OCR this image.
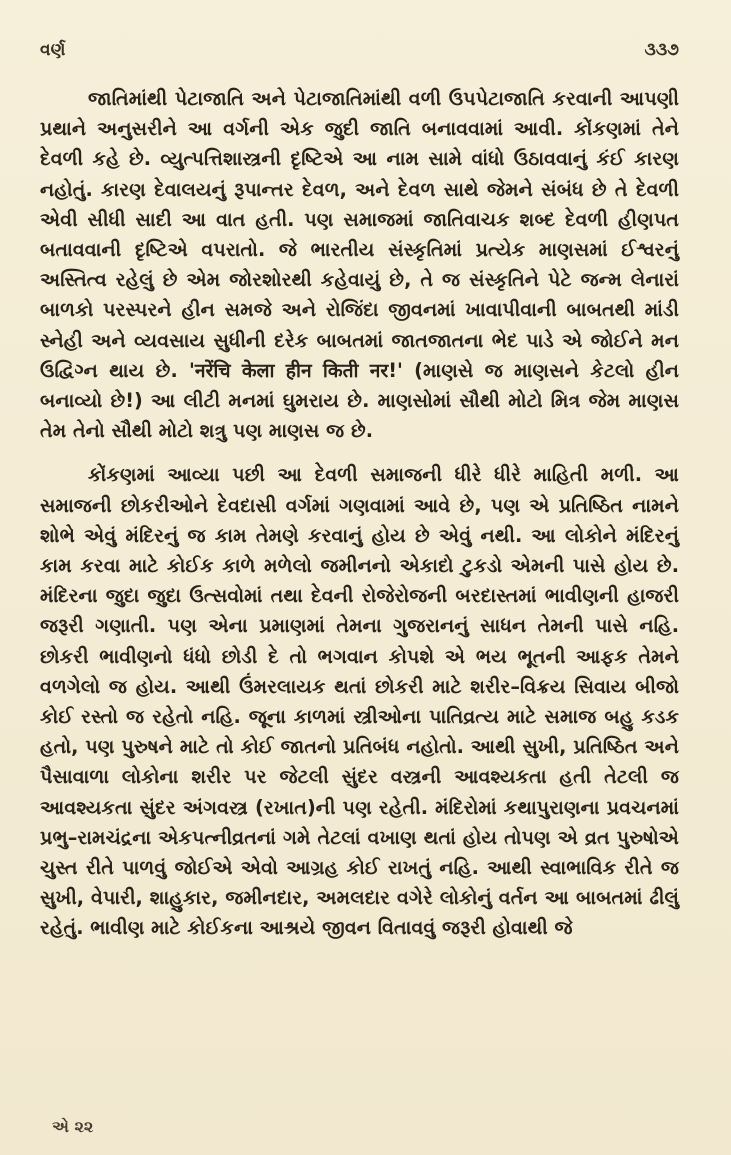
વર્ણ	૩૩૭

જાતિમાંથી પેટાજાતિ અને પેટાજાતિમાંથી વળી ઉપપેટાજાતિ કરવાની આપણી પ્રથાને અનુસરીને આ વર્ગની એક જુદી જાતિ બનાવવામાં આવી. કોંકણમાં તેને દેવળી કહે છે. વ્યુત્પત્તિશાસ્ત્રની દૃષ્ટિએ આ નામ સામે વાંધો ઉઠાવવાનું કંઈ કારણ નહોતું. કારણ દેવાલયનું રૂપાન્તર દેવળ, અને દેવળ સાથે જેમને સંબંધ છે તે દેવળી એવી સીધી સાદી આ વાત હતી. પણ સમાજમાં જાતિવાચક શબ્દ દેવળી હીણપત બતાવવાની દૃષ્ટિએ વપરાતો. જે ભારતીય સંસ્કૃતિમાં પ્રત્યેક માણસમાં ઈશ્વરનું અસ્તિત્વ રહેલું છે એમ જોરશોરથી કહેવાયું છે, તે જ સંસ્કૃતિને પેટે જન્મ લેનારાં બાળકો પરસ્પરને હીન સમજે અને રોજિંદા જીવનમાં ખાવાપીવાની બાબતથી માંડી સ્નેહી અને વ્યવસાય સુધીની દરેક બાબતમાં જાતજાતના ભેદ પાડે એ જોઈને મન ઉદ્વિગ્ન થાય છે. 'नरेंचि केला हीन किती नर!' (માણસે જ માણસને કેટલો હીન બનાવ્યો છે!) આ લીટી મનમાં ઘુમરાય છે. માણસોમાં સૌથી મોટો મિત્ર જેમ માણસ તેમ તેનો સૌથી મોટો શત્રુ પણ માણસ જ છે.

કોંકણમાં આવ્યા પછી આ દેવળી સમાજની ધીરે ધીરે માહિતી મળી. આ સમાજની છોકરીઓને દેવદાસી વર્ગમાં ગણવામાં આવે છે, પણ એ પ્રતિષ્ઠિત નામને શોભે એવું મંદિરનું જ કામ તેમણે કરવાનું હોય છે એવું નથી. આ લોકોને મંદિરનું કામ કરવા માટે કોઈક કાળે મળેલો જમીનનો એકાદો ટુકડો એમની પાસે હોય છે. મંદિરના જુદા જુદા ઉત્સવોમાં તથા દેવની રોજેરોજની બરદાસ્તમાં ભાવીણની હાજરી જરૂરી ગણાતી. પણ એના પ્રમાણમાં તેમના ગુજરાનનું સાધન તેમની પાસે નહિ. છોકરી ભાવીણનો ધંધો છોડી દે તો ભગવાન કોપશે એ ભય ભૂતની આફક તેમને વળગેલો જ હોય. આથી ઉંમરલાયક થતાં છોકરી માટે શરીર–વિક્રય સિવાય બીજો કોઈ રસ્તો જ રહેતો નહિ. જૂના કાળમાં સ્ત્રીઓના પાતિવ્રત્ય માટે સમાજ બહુ કડક હતો, પણ પુરુષને માટે તો કોઈ જાતનો પ્રતિબંધ નહોતો. આથી સુખી, પ્રતિષ્ઠિત અને પૈસાવાળા લોકોના શરીર પર જેટલી સુંદર વસ્ત્રની આવશ્યકતા હતી તેટલી જ આવશ્યકતા સુંદર અંગવસ્ત્ર (રખાત)ની પણ રહેતી. મંદિરોમાં કથાપુરાણના પ્રવચનમાં પ્રભુ–રામચંદ્રના એકપત્નીવ્રતનાં ગમે તેટલાં વખાણ થતાં હોય તોપણ એ વ્રત પુરુષોએ ચુસ્ત રીતે પાળવું જોઈએ એવો આગ્રહ કોઈ રાખતું નહિ. આથી સ્વાભાવિક રીતે જ સુખી, વેપારી, શાહુકાર, જમીનદાર, અમલદાર વગેરે લોકોનું વર્તન આ બાબતમાં ઢીલું રહેતું. ભાવીણ માટે કોઈકના આશ્રયે જીવન વિતાવવું જરૂરી હોવાથી જે

એ ૨૨
